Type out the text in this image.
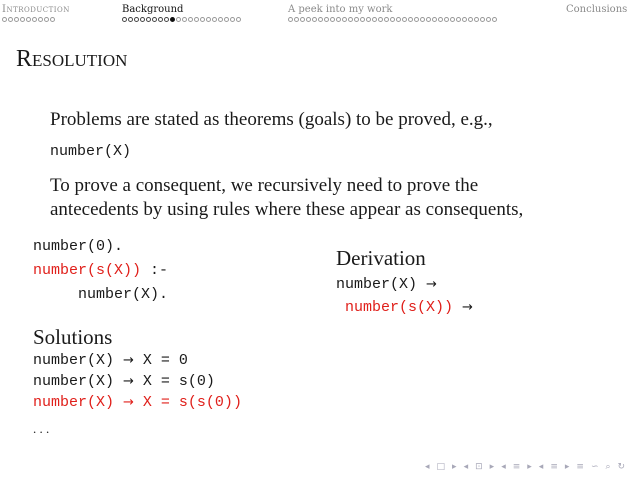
Introduction	Background	A peek into my work	Conclusions
RESOLUTION
Problems are stated as theorems (goals) to be proved, e.g.,
number(X)
To prove a consequent, we recursively need to prove the
antecedents by using rules where these appear as consequents,
number(0).
number(s(X)) :-
number(X).
Derivation
number(X) →
number(s(X)) →
Solutions
number(X) → X = 0
number(X) → X = s(0)
number(X) → X = s(s(0))
. . .
◂ □ ▸ ◂ ⊡ ▸ ◂ ≡ ▸ ◂ ≡ ▸ ≡ ∽ ⌕ ↻
